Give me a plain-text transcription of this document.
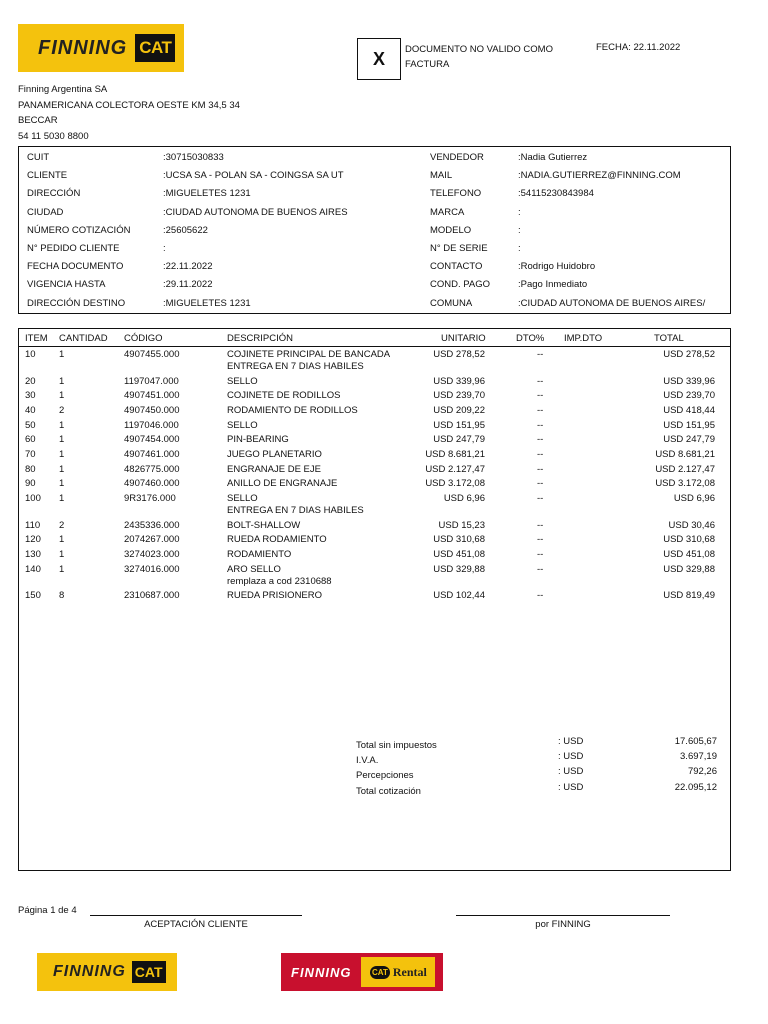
FINNING CAT
X DOCUMENTO NO VALIDO COMO FACTURA
FECHA: 22.11.2022
Finning Argentina SA
PANAMERICANA COLECTORA OESTE KM 34,5 34
BECCAR
54 11 5030 8800
CUIT	:30715030833
CLIENTE	:UCSA SA - POLAN SA - COINGSA SA UT
DIRECCIÓN	:MIGUELETES 1231
CIUDAD	:CIUDAD AUTONOMA DE BUENOS AIRES
NÚMERO COTIZACIÓN	:25605622
N° PEDIDO CLIENTE	:
FECHA DOCUMENTO	:22.11.2022
VIGENCIA HASTA	:29.11.2022
DIRECCIÓN DESTINO	:MIGUELETES 1231
VENDEDOR	:Nadia Gutierrez
MAIL	:NADIA.GUTIERREZ@FINNING.COM
TELEFONO	:54115230843984
MARCA	:
MODELO	:
N° DE SERIE	:
CONTACTO	:Rodrigo Huidobro
COND. PAGO	:Pago Inmediato
COMUNA	:CIUDAD AUTONOMA DE BUENOS AIRES/
ITEM CANTIDAD CÓDIGO	DESCRIPCIÓN	UNITARIO	DTO% IMP.DTO	TOTAL
10 1	4907455.000	COJINETE PRINCIPAL DE BANCADA	USD 278,52	--	USD 278,52
ENTREGA EN 7 DIAS HABILES
20 1	1197047.000	SELLO	USD 339,96	--	USD 339,96
30 1	4907451.000	COJINETE DE RODILLOS	USD 239,70	--	USD 239,70
40 2	4907450.000	RODAMIENTO DE RODILLOS	USD 209,22	--	USD 418,44
50 1	1197046.000	SELLO	USD 151,95	--	USD 151,95
60 1	4907454.000	PIN-BEARING	USD 247,79	--	USD 247,79
70 1	4907461.000	JUEGO PLANETARIO	USD 8.681,21	--	USD 8.681,21
80 1	4826775.000	ENGRANAJE DE EJE	USD 2.127,47	--	USD 2.127,47
90 1	4907460.000	ANILLO DE ENGRANAJE	USD 3.172,08	--	USD 3.172,08
100 1	9R3176.000	SELLO	USD 6,96	--	USD 6,96
ENTREGA EN 7 DIAS HABILES
110 2	2435336.000	BOLT-SHALLOW	USD 15,23	--	USD 30,46
120 1	2074267.000	RUEDA RODAMIENTO	USD 310,68	--	USD 310,68
130 1	3274023.000	RODAMIENTO	USD 451,08	--	USD 451,08
140 1	3274016.000	ARO SELLO	USD 329,88	--	USD 329,88
remplaza a cod 2310688
150 8	2310687.000	RUEDA PRISIONERO	USD 102,44	--	USD 819,49
Total sin impuestos	: USD	17.605,67
I.V.A.	: USD	3.697,19
Percepciones	: USD	792,26
Total cotización	: USD	22.095,12
Página 1 de 4
ACEPTACIÓN CLIENTE	por FINNING
FINNING CAT	FINNING	CAT Rental
